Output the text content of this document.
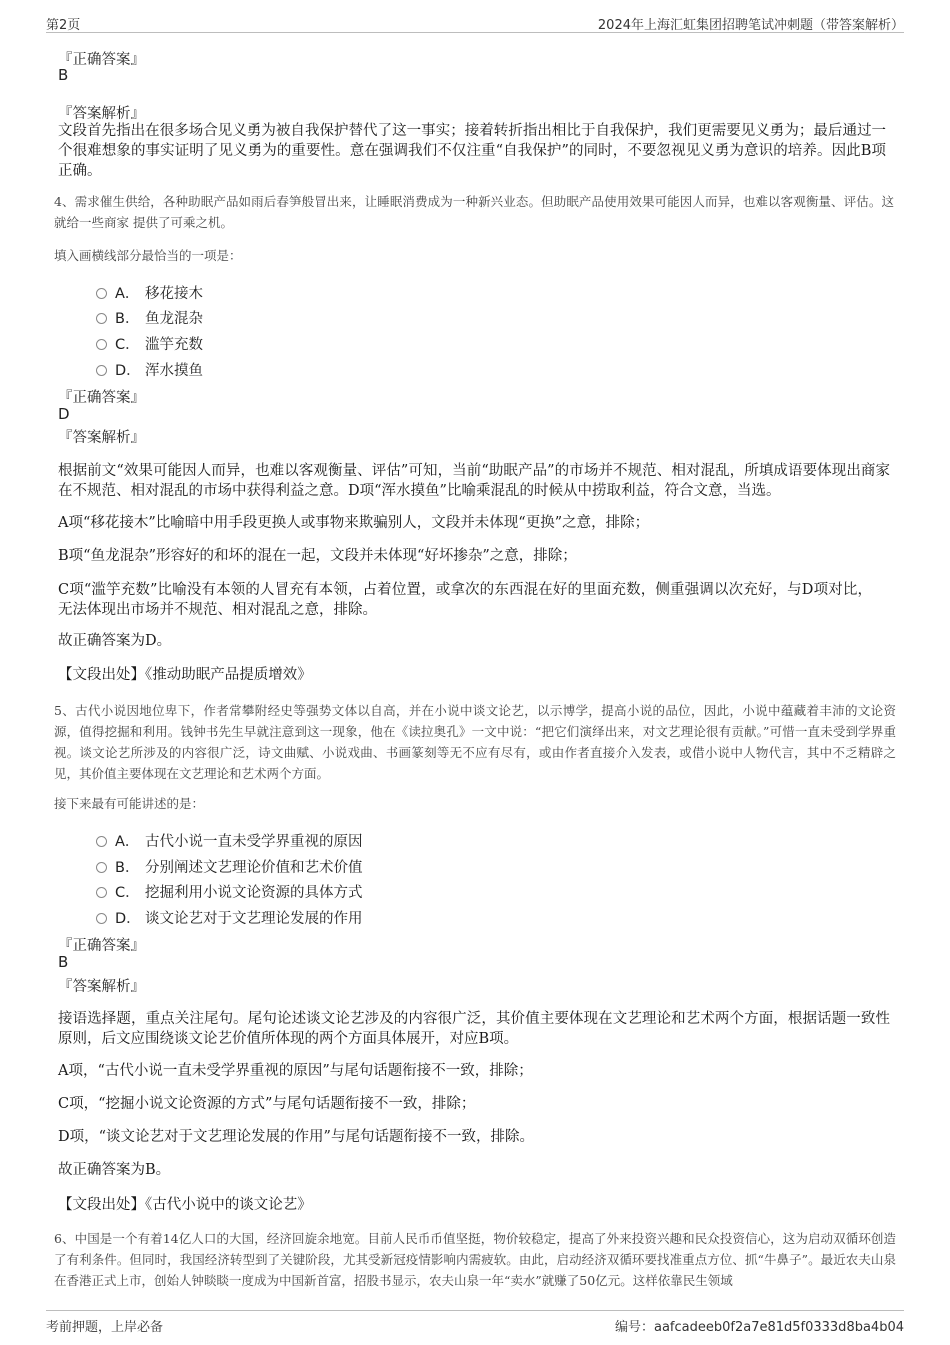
第2页	2024年上海汇虹集团招聘笔试冲刺题（带答案解析）
『正确答案』
B
『答案解析』
文段首先指出在很多场合见义勇为被自我保护替代了这一事实；接着转折指出相比于自我保护，我们更需要见义勇为；最后通过一个很难想象的事实证明了见义勇为的重要性。意在强调我们不仅注重“自我保护”的同时，不要忽视见义勇为意识的培养。因此B项正确。
4、需求催生供给，各种助眠产品如雨后春笋般冒出来，让睡眠消费成为一种新兴业态。但助眠产品使用效果可能因人而异，也难以客观衡量、评估。这就给一些商家 提供了可乘之机。
填入画横线部分最恰当的一项是：
A． 移花接木
B． 鱼龙混杂
C． 滥竽充数
D． 浑水摸鱼
『正确答案』
D
『答案解析』
根据前文“效果可能因人而异，也难以客观衡量、评估”可知，当前“助眠产品”的市场并不规范、相对混乱，所填成语要体现出商家在不规范、相对混乱的市场中获得利益之意。D项“浑水摸鱼”比喻乘混乱的时候从中捞取利益，符合文意，当选。
A项“移花接木”比喻暗中用手段更换人或事物来欺骗别人，文段并未体现“更换”之意，排除；
B项“鱼龙混杂”形容好的和坏的混在一起，文段并未体现“好坏掺杂”之意，排除；
C项“滥竽充数”比喻没有本领的人冒充有本领，占着位置，或拿次的东西混在好的里面充数，侧重强调以次充好，与D项对比，无法体现出市场并不规范、相对混乱之意，排除。
故正确答案为D。
【文段出处】《推动助眠产品提质增效》
5、古代小说因地位卑下，作者常攀附经史等强势文体以自高，并在小说中谈文论艺，以示博学，提高小说的品位，因此，小说中蕴藏着丰沛的文论资源，值得挖掘和利用。钱钟书先生早就注意到这一现象，他在《读拉奥孔》一文中说：“把它们演绎出来，对文艺理论很有贡献。”可惜一直未受到学界重视。谈文论艺所涉及的内容很广泛，诗文曲赋、小说戏曲、书画篆刻等无不应有尽有，或由作者直接介入发表，或借小说中人物代言，其中不乏精辟之见，其价值主要体现在文艺理论和艺术两个方面。
接下来最有可能讲述的是：
A． 古代小说一直未受学界重视的原因
B． 分别阐述文艺理论价值和艺术价值
C． 挖掘利用小说文论资源的具体方式
D． 谈文论艺对于文艺理论发展的作用
『正确答案』
B
『答案解析』
接语选择题，重点关注尾句。尾句论述谈文论艺涉及的内容很广泛，其价值主要体现在文艺理论和艺术两个方面，根据话题一致性原则，后文应围绕谈文论艺价值所体现的两个方面具体展开，对应B项。
A项，“古代小说一直未受学界重视的原因”与尾句话题衔接不一致，排除；
C项，“挖掘小说文论资源的方式”与尾句话题衔接不一致，排除；
D项，“谈文论艺对于文艺理论发展的作用”与尾句话题衔接不一致，排除。
故正确答案为B。
【文段出处】《古代小说中的谈文论艺》
6、中国是一个有着14亿人口的大国，经济回旋余地宽。目前人民币币值坚挺，物价较稳定，提高了外来投资兴趣和民众投资信心，这为启动双循环创造了有利条件。但同时，我国经济转型到了关键阶段，尤其受新冠疫情影响内需疲软。由此，启动经济双循环要找准重点方位、抓“牛鼻子”。最近农夫山泉在香港正式上市，创始人钟睒睒一度成为中国新首富，招股书显示，农夫山泉一年“卖水”就赚了50亿元。这样依靠民生领域
考前押题，上岸必备	编号：aafcadeeb0f2a7e81d5f0333d8ba4b04
